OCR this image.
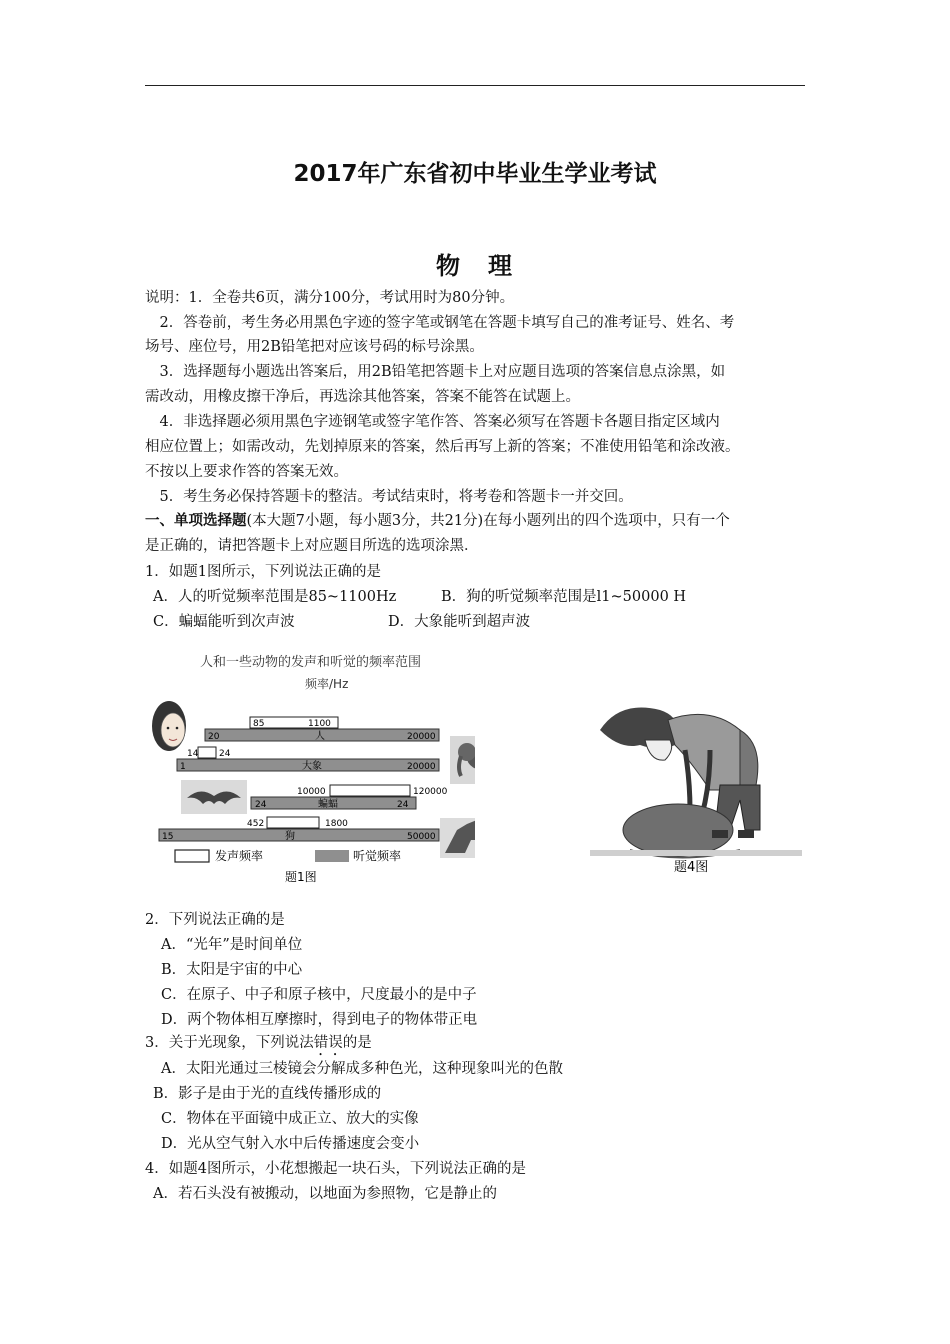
2017年广东省初中毕业生学业考试
物　理
说明：1．全卷共6页，满分100分，考试用时为80分钟。
　2．答卷前，考生务必用黑色字迹的签字笔或钢笔在答题卡填写自己的准考证号、姓名、考
场号、座位号，用2B铅笔把对应该号码的标号涂黑。
　3．选择题每小题选出答案后，用2B铅笔把答题卡上对应题目选项的答案信息点涂黑，如
需改动，用橡皮擦干净后，再选涂其他答案，答案不能答在试题上。
　4．非选择题必须用黑色字迹钢笔或签字笔作答、答案必须写在答题卡各题目指定区域内
相应位置上；如需改动，先划掉原来的答案，然后再写上新的答案；不准使用铅笔和涂改液。
不按以上要求作答的答案无效。
　5．考生务必保持答题卡的整洁。考试结束时，将考卷和答题卡一并交回。
一、单项选择题(本大题7小题，每小题3分，共21分)在每小题列出的四个选项中，只有一个
是正确的，请把答题卡上对应题目所选的选项涂黑．
1．如题1图所示，下列说法正确的是
A．人的听觉频率范围是85~1100Hz	B．狗的听觉频率范围是l1~50000 H
C．蝙蝠能听到次声波	D．大象能听到超声波
人和一些动物的发声和听觉的频率范围
频率/Hz
85	1100
20	人	20000
14 24
1	大象	20000
10000	120000
24	蝙蝠	24
452	1800
15	狗	50000
发声频率	听觉频率
题1图
题4图
2．下列说法正确的是
A．“光年”是时间单位
B．太阳是宇宙的中心
C．在原子、中子和原子核中，尺度最小的是中子
D．两个物体相互摩擦时，得到电子的物体带正电
3．关于光现象，下列说法错误的是
A．太阳光通过三棱镜会分解成多种色光，这种现象叫光的色散
B．影子是由于光的直线传播形成的
C．物体在平面镜中成正立、放大的实像
D．光从空气射入水中后传播速度会变小
4．如题4图所示，小花想搬起一块石头，下列说法正确的是
A．若石头没有被搬动，以地面为参照物，它是静止的
